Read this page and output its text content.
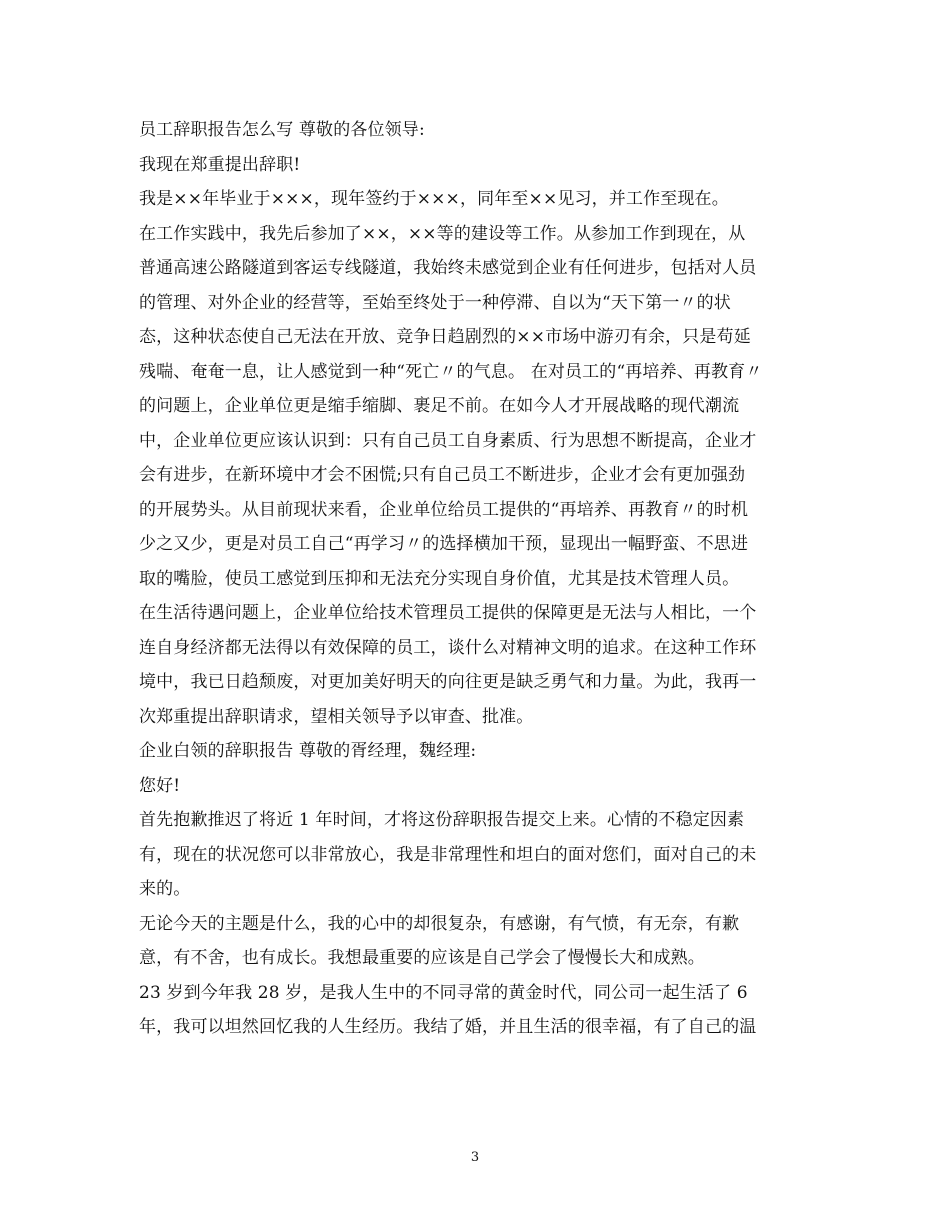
员工辞职报告怎么写 尊敬的各位领导:
我现在郑重提出辞职!
我是××年毕业于×××，现年签约于×××，同年至××见习，并工作至现在。
在工作实践中，我先后参加了××，××等的建设等工作。从参加工作到现在，从
普通高速公路隧道到客运专线隧道，我始终未感觉到企业有任何进步，包括对人员
的管理、对外企业的经营等，至始至终处于一种停滞、自以为“天下第一〃的状
态，这种状态使自己无法在开放、竞争日趋剧烈的××市场中游刃有余，只是苟延
残喘、奄奄一息，让人感觉到一种“死亡〃的气息。 在对员工的“再培养、再教育〃
的问题上，企业单位更是缩手缩脚、裹足不前。在如今人才开展战略的现代潮流
中，企业单位更应该认识到：只有自己员工自身素质、行为思想不断提高，企业才
会有进步，在新环境中才会不困慌;只有自己员工不断进步，企业才会有更加强劲
的开展势头。从目前现状来看，企业单位给员工提供的“再培养、再教育〃的时机
少之又少，更是对员工自己“再学习〃的选择横加干预，显现出一幅野蛮、不思进
取的嘴脸，使员工感觉到压抑和无法充分实现自身价值，尤其是技术管理人员。
在生活待遇问题上，企业单位给技术管理员工提供的保障更是无法与人相比，一个
连自身经济都无法得以有效保障的员工，谈什么对精神文明的追求。在这种工作环
境中，我已日趋颓废，对更加美好明天的向往更是缺乏勇气和力量。为此，我再一
次郑重提出辞职请求，望相关领导予以审查、批准。
企业白领的辞职报告 尊敬的胥经理，魏经理:
您好!
首先抱歉推迟了将近 1 年时间，才将这份辞职报告提交上来。心情的不稳定因素
有，现在的状况您可以非常放心，我是非常理性和坦白的面对您们，面对自己的未
来的。
无论今天的主题是什么，我的心中的却很复杂，有感谢，有气愤，有无奈，有歉
意，有不舍，也有成长。我想最重要的应该是自己学会了慢慢长大和成熟。
23 岁到今年我 28 岁，是我人生中的不同寻常的黄金时代，同公司一起生活了 6
年，我可以坦然回忆我的人生经历。我结了婚，并且生活的很幸福，有了自己的温
3
